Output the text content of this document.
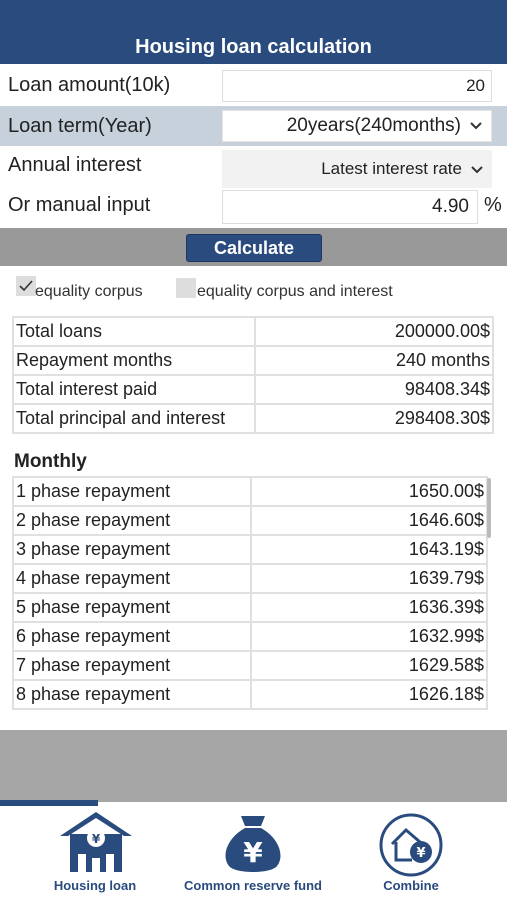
Housing loan calculation
Loan amount(10k)	20
Loan term(Year)	20years(240months)
Annual interest	Latest interest rate
Or manual input	4.90 %
Calculate
equality corpus	equality corpus and interest
Total loans	200000.00$
Repayment months	240 months
Total interest paid	98408.34$
Total principal and interest	298408.30$
Monthly
1 phase repayment	1650.00$
2 phase repayment	1646.60$
3 phase repayment	1643.19$
4 phase repayment	1639.79$
5 phase repayment	1636.39$
6 phase repayment	1632.99$
7 phase repayment	1629.58$
8 phase repayment	1626.18$
¥
Housing loan
¥
Common reserve fund
¥
Combine
